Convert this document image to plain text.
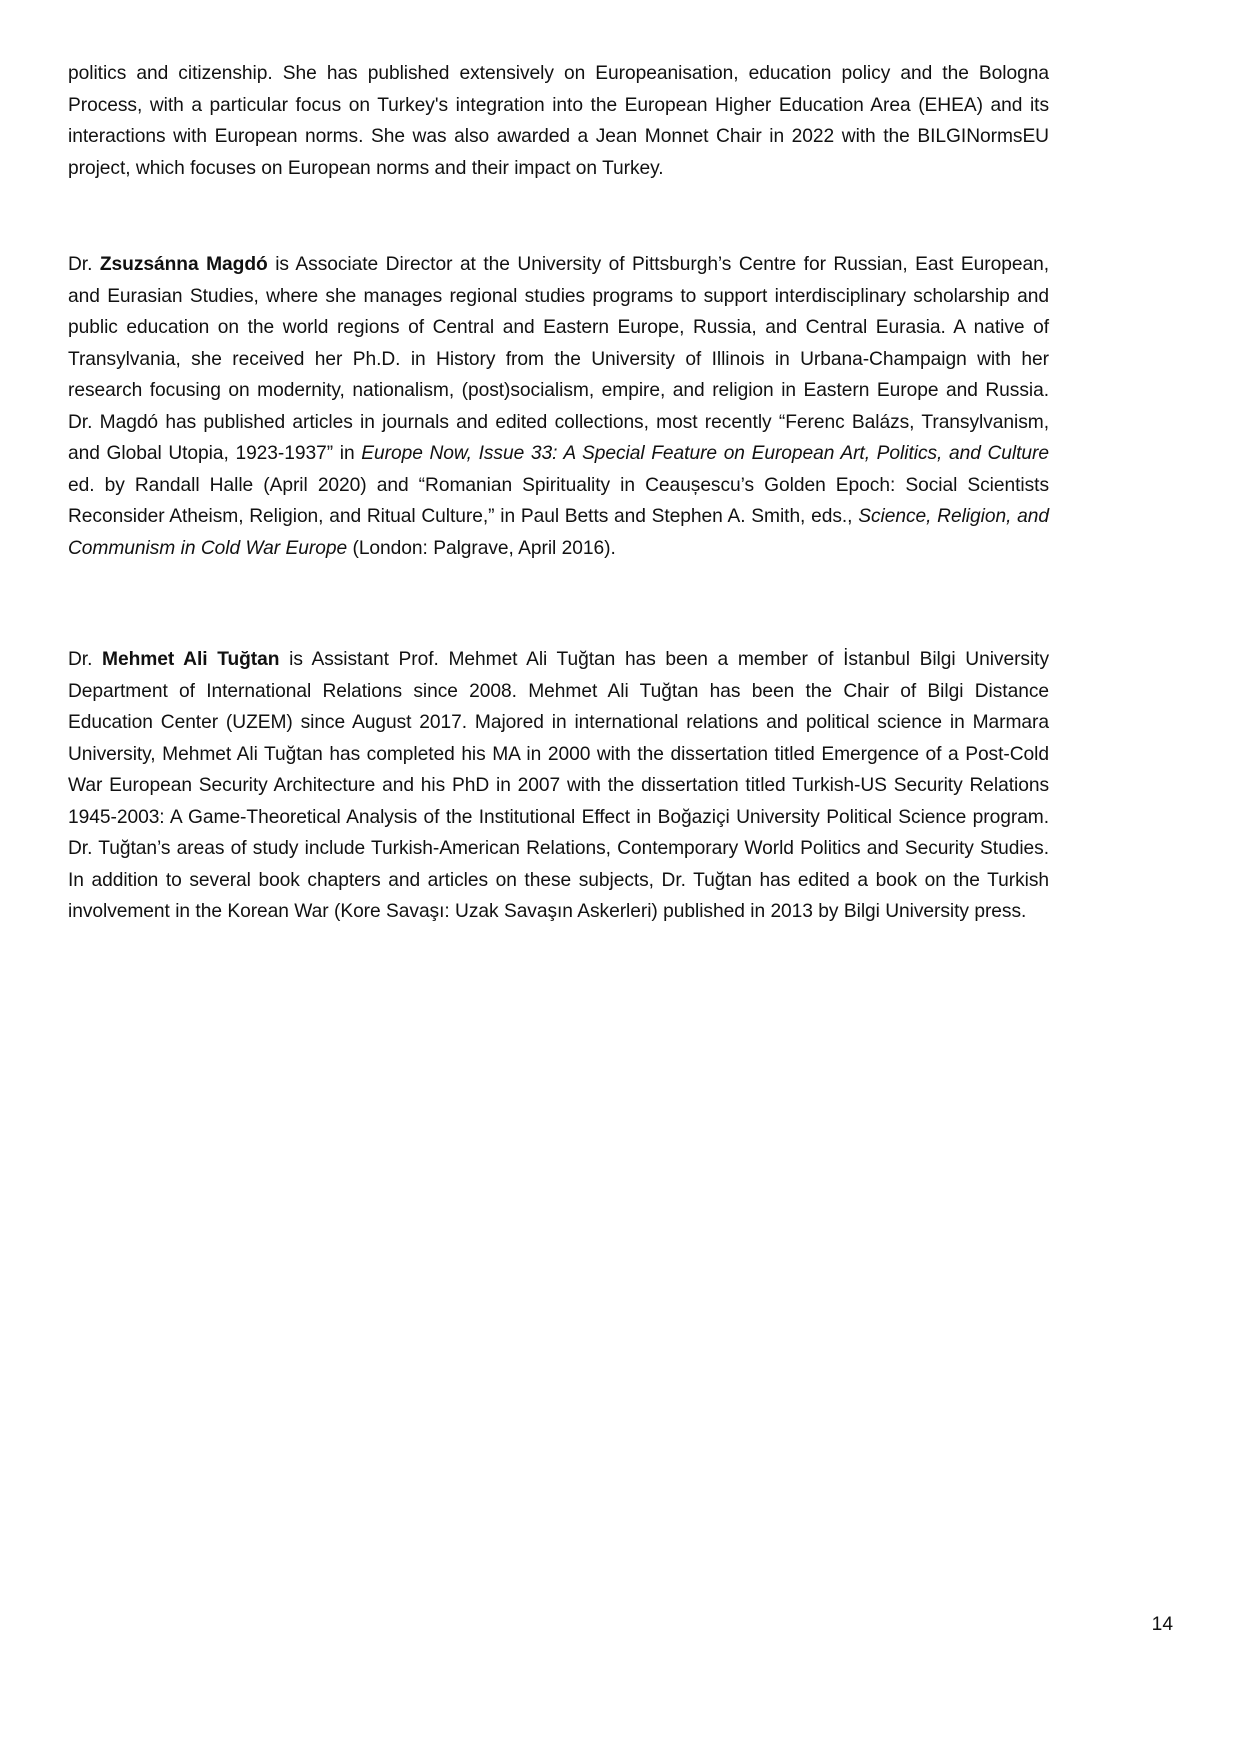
politics and citizenship. She has published extensively on Europeanisation, education policy and the Bologna Process, with a particular focus on Turkey's integration into the European Higher Education Area (EHEA) and its interactions with European norms. She was also awarded a Jean Monnet Chair in 2022 with the BILGINormsEU project, which focuses on European norms and their impact on Turkey.

Dr. Zsuzsánna Magdó is Associate Director at the University of Pittsburgh’s Centre for Russian, East European, and Eurasian Studies, where she manages regional studies programs to support interdisciplinary scholarship and public education on the world regions of Central and Eastern Europe, Russia, and Central Eurasia. A native of Transylvania, she received her Ph.D. in History from the University of Illinois in Urbana-Champaign with her research focusing on modernity, nationalism, (post)socialism, empire, and religion in Eastern Europe and Russia. Dr. Magdó has published articles in journals and edited collections, most recently “Ferenc Balázs, Transylvanism, and Global Utopia, 1923-1937” in Europe Now, Issue 33: A Special Feature on European Art, Politics, and Culture ed. by Randall Halle (April 2020) and “Romanian Spirituality in Ceaușescu’s Golden Epoch: Social Scientists Reconsider Atheism, Religion, and Ritual Culture,” in Paul Betts and Stephen A. Smith, eds., Science, Religion, and Communism in Cold War Europe (London: Palgrave, April 2016).

Dr. Mehmet Ali Tuğtan is Assistant Prof. Mehmet Ali Tuğtan has been a member of İstanbul Bilgi University Department of International Relations since 2008. Mehmet Ali Tuğtan has been the Chair of Bilgi Distance Education Center (UZEM) since August 2017. Majored in international relations and political science in Marmara University, Mehmet Ali Tuğtan has completed his MA in 2000 with the dissertation titled Emergence of a Post-Cold War European Security Architecture and his PhD in 2007 with the dissertation titled Turkish-US Security Relations 1945-2003: A Game-Theoretical Analysis of the Institutional Effect in Boğaziçi University Political Science program. Dr. Tuğtan’s areas of study include Turkish-American Relations, Contemporary World Politics and Security Studies. In addition to several book chapters and articles on these subjects, Dr. Tuğtan has edited a book on the Turkish involvement in the Korean War (Kore Savaşı: Uzak Savaşın Askerleri) published in 2013 by Bilgi University press.

14
